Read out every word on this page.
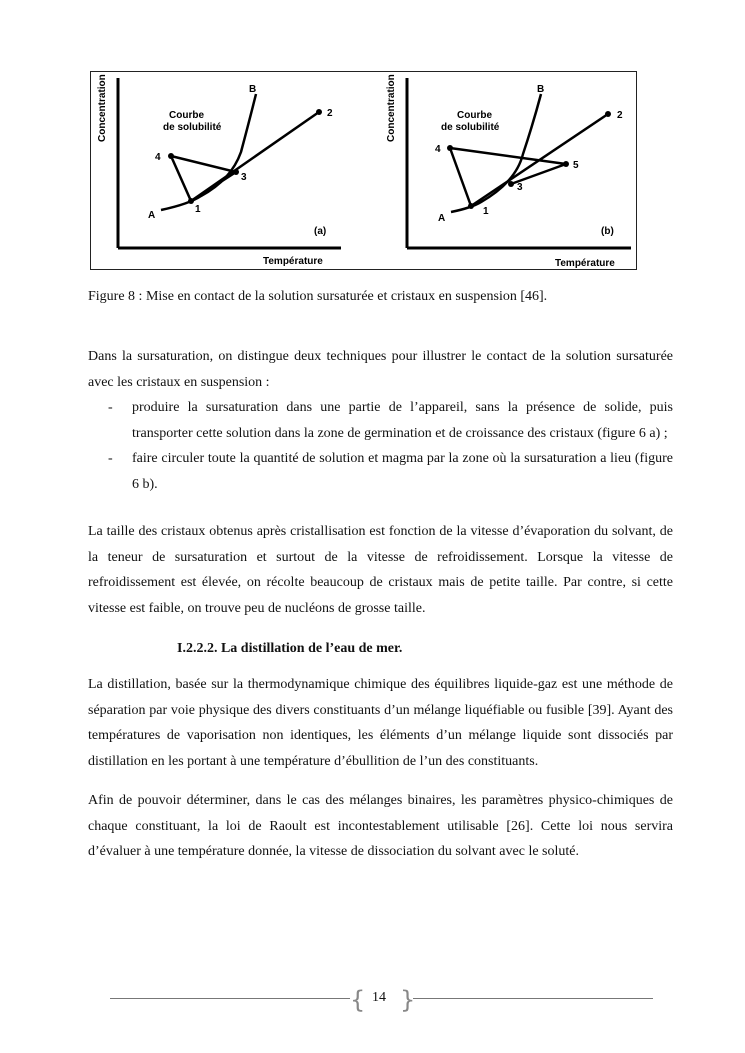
Concentration
Température
Courbe
de solubilité
A
1
2
3
4
B
(a)
Concentration
Température
Courbe
de solubilité
A
1
2
3
4
5
B
(b)
Figure 8 : Mise en contact de la solution sursaturée et cristaux en suspension [46].

Dans la sursaturation, on distingue deux techniques pour illustrer le contact de la solution sursaturée avec les cristaux en suspension :

- produire la sursaturation dans une partie de l’appareil, sans la présence de solide, puis transporter cette solution dans la zone de germination et de croissance des cristaux (figure 6 a) ;
- faire circuler toute la quantité de solution et magma par la zone où la sursaturation a lieu (figure 6 b).

La taille des cristaux obtenus après cristallisation est fonction de la vitesse d’évaporation du solvant, de la teneur de sursaturation et surtout de la vitesse de refroidissement. Lorsque la vitesse de refroidissement est élevée, on récolte beaucoup de cristaux mais de petite taille. Par contre, si cette vitesse est faible, on trouve peu de nucléons de grosse taille.

I.2.2.2. La distillation de l’eau de mer.

La distillation, basée sur la thermodynamique chimique des équilibres liquide-gaz est une méthode de séparation par voie physique des divers constituants d’un mélange liquéfiable ou fusible [39]. Ayant des températures de vaporisation non identiques, les éléments d’un mélange liquide sont dissociés par distillation en les portant à une température d’ébullition de l’un des constituants.

Afin de pouvoir déterminer, dans le cas des mélanges binaires, les paramètres physico-chimiques de chaque constituant, la loi de Raoult est incontestablement utilisable [26]. Cette loi nous servira d’évaluer à une température donnée, la vitesse de dissociation du solvant avec le soluté.

{ }
14
